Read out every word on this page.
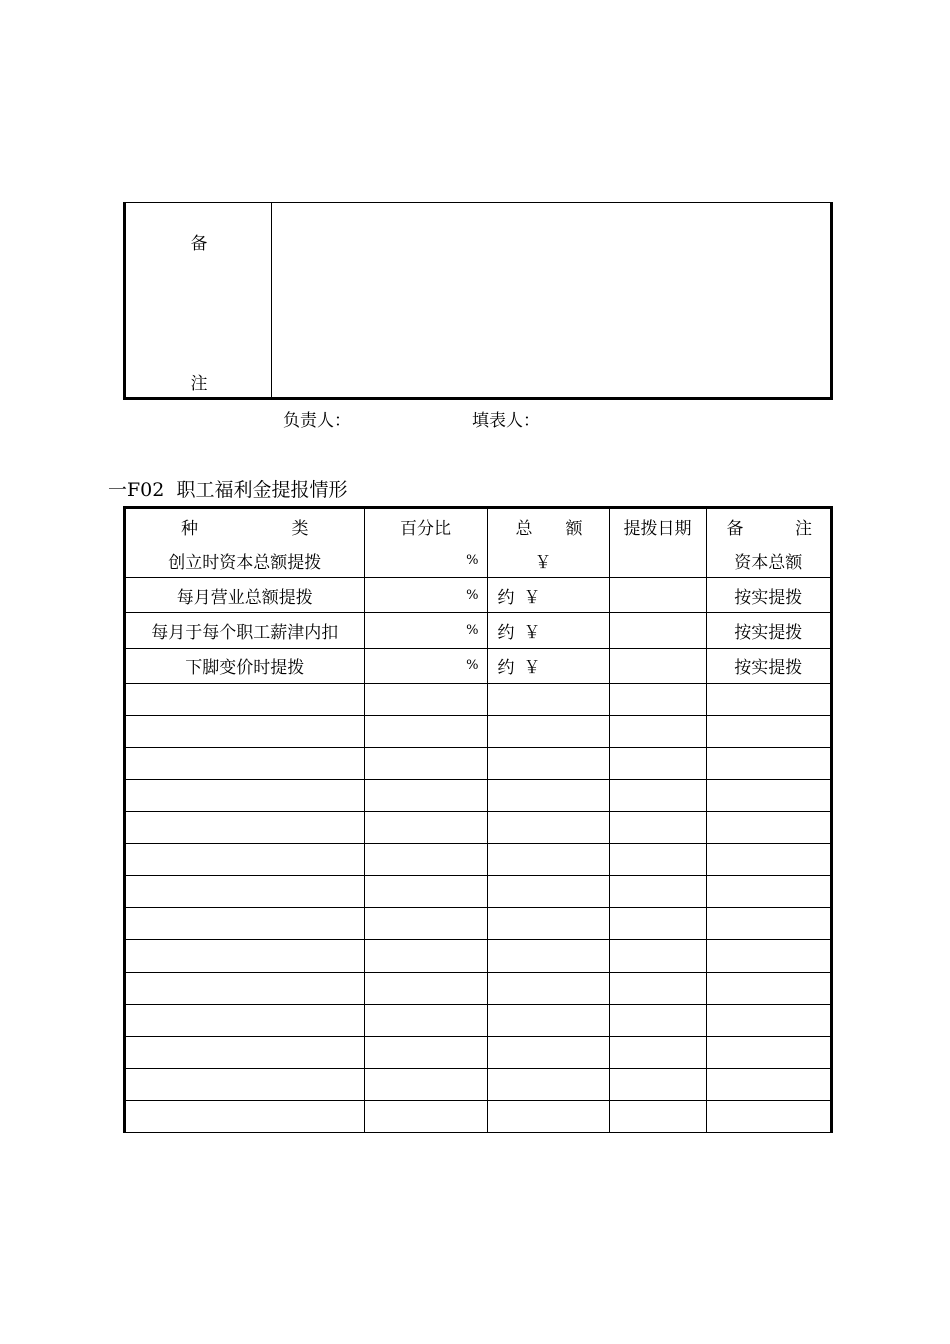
备
注
负责人：	填表人：
一F02  职工福利金提报情形
种 类	百分比	总 额	提拨日期	备 注

创立时资本总额提拨	%	￥		资本总额
每月营业总额提拨	%	约 ￥		按实提拨
每月于每个职工薪津内扣	%	约 ￥		按实提拨
下脚变价时提拨	%	约 ￥		按实提拨
